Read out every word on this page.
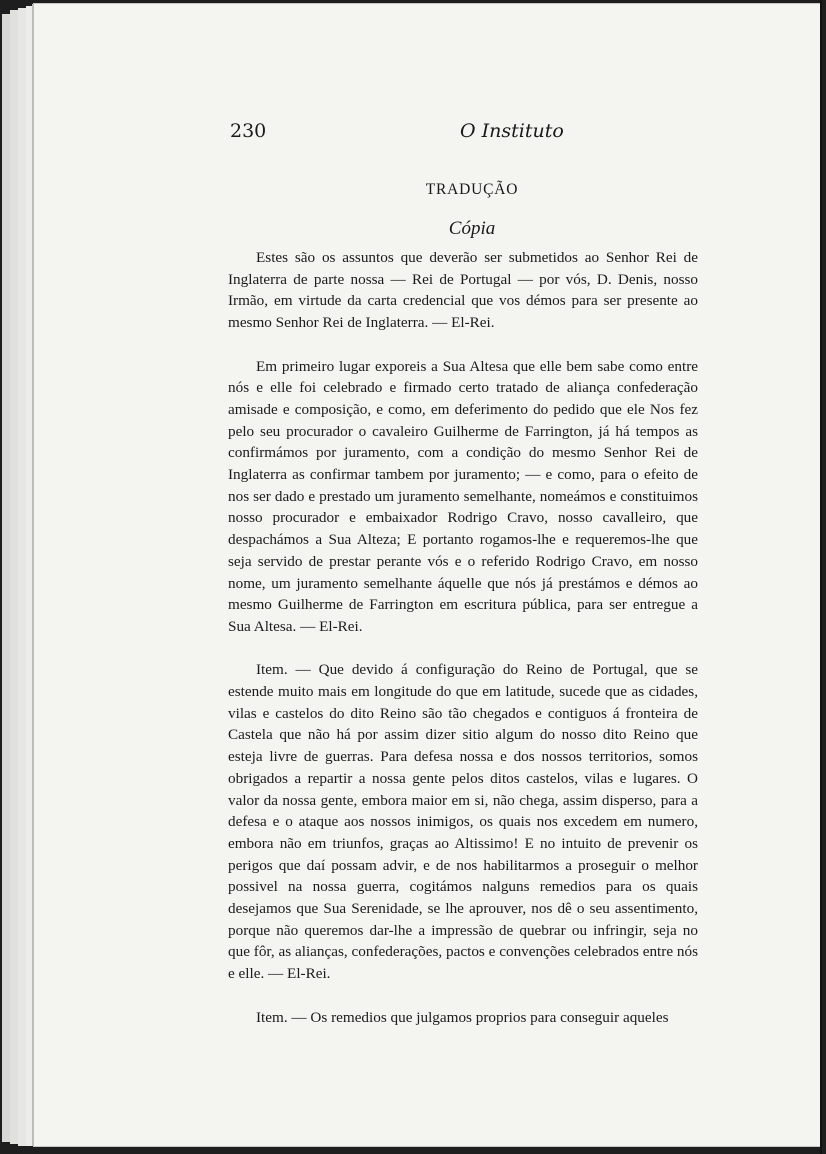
230	O Instituto
TRADUÇÃO
Cópia

Estes são os assuntos que deverão ser submetidos ao Senhor Rei de Inglaterra de parte nossa — Rei de Portugal — por vós, D. Denis, nosso Irmão, em virtude da carta credencial que vos démos para ser presente ao mesmo Senhor Rei de Inglaterra. — El-Rei.

Em primeiro lugar exporeis a Sua Altesa que elle bem sabe como entre nós e elle foi celebrado e firmado certo tratado de aliança confederação amisade e composição, e como, em deferimento do pedido que ele Nos fez pelo seu procurador o cavaleiro Guilherme de Farrington, já há tempos as confirmámos por juramento, com a condição do mesmo Senhor Rei de Inglaterra as confirmar tambem por juramento; — e como, para o efeito de nos ser dado e prestado um juramento semelhante, nomeámos e constituimos nosso procurador e embaixador Rodrigo Cravo, nosso cavalleiro, que despachámos a Sua Alteza; E portanto rogamos-lhe e requeremos-lhe que seja servido de prestar perante vós e o referido Rodrigo Cravo, em nosso nome, um juramento semelhante áquelle que nós já prestámos e démos ao mesmo Guilherme de Farrington em escritura pública, para ser entregue a Sua Altesa. — El-Rei.

Item. — Que devido á configuração do Reino de Portugal, que se estende muito mais em longitude do que em latitude, sucede que as cidades, vilas e castelos do dito Reino são tão chegados e contiguos á fronteira de Castela que não há por assim dizer sitio algum do nosso dito Reino que esteja livre de guerras. Para defesa nossa e dos nossos territorios, somos obrigados a repartir a nossa gente pelos ditos castelos, vilas e lugares. O valor da nossa gente, embora maior em si, não chega, assim disperso, para a defesa e o ataque aos nossos inimigos, os quais nos excedem em numero, embora não em triunfos, graças ao Altissimo! E no intuito de prevenir os perigos que daí possam advir, e de nos habilitarmos a proseguir o melhor possivel na nossa guerra, cogitámos nalguns remedios para os quais desejamos que Sua Serenidade, se lhe aprouver, nos dê o seu assentimento, porque não queremos dar-lhe a impressão de quebrar ou infringir, seja no que fôr, as alianças, confederações, pactos e convenções celebrados entre nós e elle. — El-Rei.

Item. — Os remedios que julgamos proprios para conseguir aqueles
